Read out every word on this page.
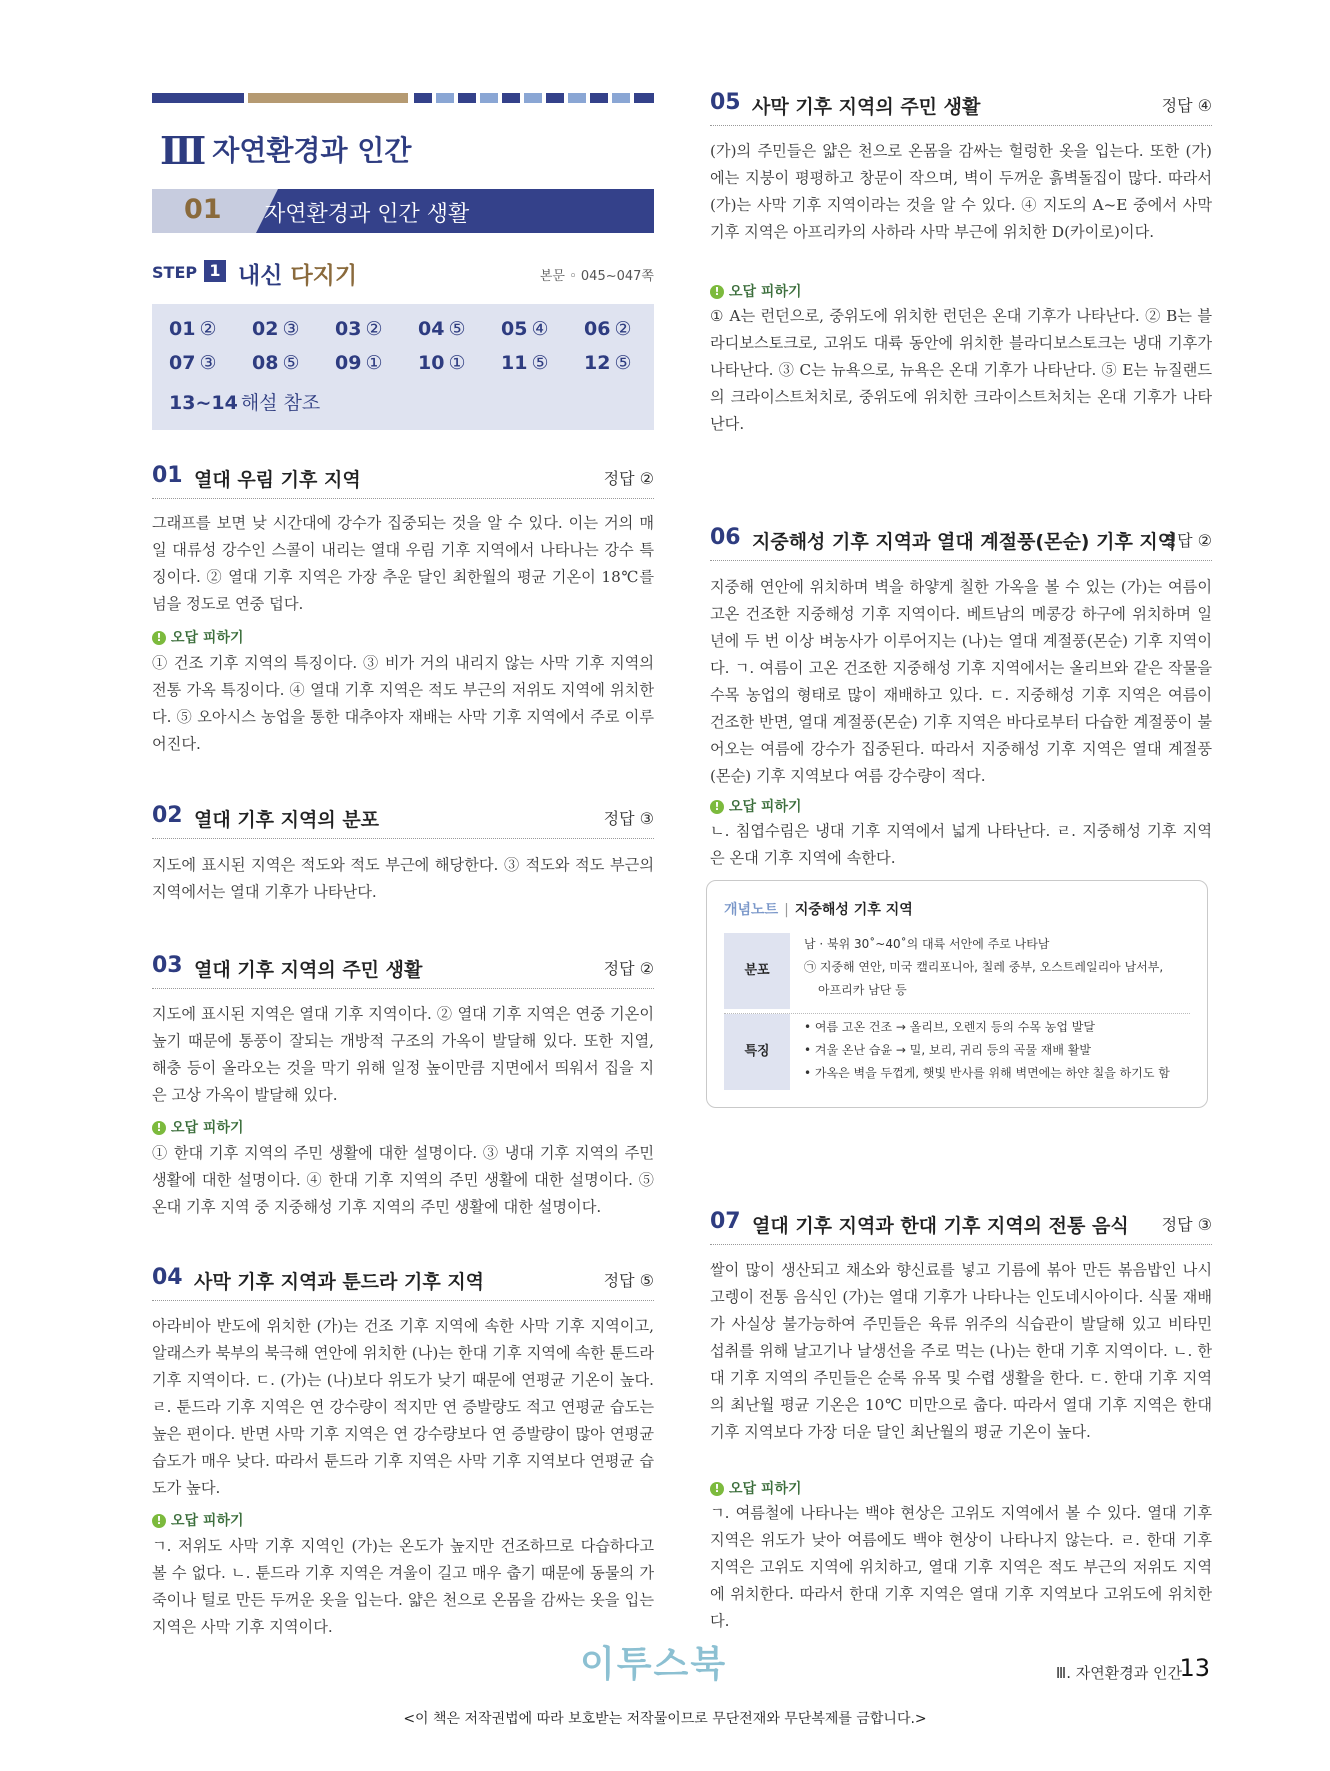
Ⅲ 자연환경과 인간
01 자연환경과 인간 생활
STEP 1 내신 다지기	본문 ◦ 045~047쪽
01 ② 02 ③ 03 ② 04 ⑤ 05 ④ 06 ②
07 ③ 08 ⑤ 09 ① 10 ① 11 ⑤ 12 ⑤
13~14 해설 참조
01 열대 우림 기후 지역	정답 ②
그래프를 보면 낮 시간대에 강수가 집중되는 것을 알 수 있다. 이는 거의 매일 대류성 강수인 스콜이 내리는 열대 우림 기후 지역에서 나타나는 강수 특징이다. ② 열대 기후 지역은 가장 추운 달인 최한월의 평균 기온이 18℃를 넘을 정도로 연중 덥다.
! 오답 피하기
① 건조 기후 지역의 특징이다. ③ 비가 거의 내리지 않는 사막 기후 지역의 전통 가옥 특징이다. ④ 열대 기후 지역은 적도 부근의 저위도 지역에 위치한다. ⑤ 오아시스 농업을 통한 대추야자 재배는 사막 기후 지역에서 주로 이루어진다.
02 열대 기후 지역의 분포	정답 ③
지도에 표시된 지역은 적도와 적도 부근에 해당한다. ③ 적도와 적도 부근의 지역에서는 열대 기후가 나타난다.
03 열대 기후 지역의 주민 생활	정답 ②
지도에 표시된 지역은 열대 기후 지역이다. ② 열대 기후 지역은 연중 기온이 높기 때문에 통풍이 잘되는 개방적 구조의 가옥이 발달해 있다. 또한 지열, 해충 등이 올라오는 것을 막기 위해 일정 높이만큼 지면에서 띄워서 집을 지은 고상 가옥이 발달해 있다.
! 오답 피하기
① 한대 기후 지역의 주민 생활에 대한 설명이다. ③ 냉대 기후 지역의 주민 생활에 대한 설명이다. ④ 한대 기후 지역의 주민 생활에 대한 설명이다. ⑤ 온대 기후 지역 중 지중해성 기후 지역의 주민 생활에 대한 설명이다.
04 사막 기후 지역과 툰드라 기후 지역	정답 ⑤
아라비아 반도에 위치한 (가)는 건조 기후 지역에 속한 사막 기후 지역이고, 알래스카 북부의 북극해 연안에 위치한 (나)는 한대 기후 지역에 속한 툰드라 기후 지역이다. ㄷ. (가)는 (나)보다 위도가 낮기 때문에 연평균 기온이 높다. ㄹ. 툰드라 기후 지역은 연 강수량이 적지만 연 증발량도 적고 연평균 습도는 높은 편이다. 반면 사막 기후 지역은 연 강수량보다 연 증발량이 많아 연평균 습도가 매우 낮다. 따라서 툰드라 기후 지역은 사막 기후 지역보다 연평균 습도가 높다.
! 오답 피하기
ㄱ. 저위도 사막 기후 지역인 (가)는 온도가 높지만 건조하므로 다습하다고 볼 수 없다. ㄴ. 툰드라 기후 지역은 겨울이 길고 매우 춥기 때문에 동물의 가죽이나 털로 만든 두꺼운 옷을 입는다. 얇은 천으로 온몸을 감싸는 옷을 입는 지역은 사막 기후 지역이다.
05 사막 기후 지역의 주민 생활	정답 ④
(가)의 주민들은 얇은 천으로 온몸을 감싸는 헐렁한 옷을 입는다. 또한 (가)에는 지붕이 평평하고 창문이 작으며, 벽이 두꺼운 흙벽돌집이 많다. 따라서 (가)는 사막 기후 지역이라는 것을 알 수 있다. ④ 지도의 A~E 중에서 사막 기후 지역은 아프리카의 사하라 사막 부근에 위치한 D(카이로)이다.
! 오답 피하기
① A는 런던으로, 중위도에 위치한 런던은 온대 기후가 나타난다. ② B는 블라디보스토크로, 고위도 대륙 동안에 위치한 블라디보스토크는 냉대 기후가 나타난다. ③ C는 뉴욕으로, 뉴욕은 온대 기후가 나타난다. ⑤ E는 뉴질랜드의 크라이스트처치로, 중위도에 위치한 크라이스트처치는 온대 기후가 나타난다.
06 지중해성 기후 지역과 열대 계절풍(몬순) 기후 지역
정답 ②
지중해 연안에 위치하며 벽을 하얗게 칠한 가옥을 볼 수 있는 (가)는 여름이 고온 건조한 지중해성 기후 지역이다. 베트남의 메콩강 하구에 위치하며 일 년에 두 번 이상 벼농사가 이루어지는 (나)는 열대 계절풍(몬순) 기후 지역이다. ㄱ. 여름이 고온 건조한 지중해성 기후 지역에서는 올리브와 같은 작물을 수목 농업의 형태로 많이 재배하고 있다. ㄷ. 지중해성 기후 지역은 여름이 건조한 반면, 열대 계절풍(몬순) 기후 지역은 바다로부터 다습한 계절풍이 불어오는 여름에 강수가 집중된다. 따라서 지중해성 기후 지역은 열대 계절풍(몬순) 기후 지역보다 여름 강수량이 적다.
! 오답 피하기
ㄴ. 침엽수림은 냉대 기후 지역에서 넓게 나타난다. ㄹ. 지중해성 기후 지역은 온대 기후 지역에 속한다.
개념노트 | 지중해성 기후 지역
분포
남 · 북위 30˚~40˚의 대륙 서안에 주로 나타남
㉠ 지중해 연안, 미국 캘리포니아, 칠레 중부, 오스트레일리아 남서부,
아프리카 남단 등
특징
• 여름 고온 건조 → 올리브, 오렌지 등의 수목 농업 발달
• 겨울 온난 습윤 → 밀, 보리, 귀리 등의 곡물 재배 활발
• 가옥은 벽을 두껍게, 햇빛 반사를 위해 벽면에는 하얀 칠을 하기도 함
07 열대 기후 지역과 한대 기후 지역의 전통 음식 정답 ③
쌀이 많이 생산되고 채소와 향신료를 넣고 기름에 볶아 만든 볶음밥인 나시고렝이 전통 음식인 (가)는 열대 기후가 나타나는 인도네시아이다. 식물 재배가 사실상 불가능하여 주민들은 육류 위주의 식습관이 발달해 있고 비타민 섭취를 위해 날고기나 날생선을 주로 먹는 (나)는 한대 기후 지역이다. ㄴ. 한대 기후 지역의 주민들은 순록 유목 및 수렵 생활을 한다. ㄷ. 한대 기후 지역의 최난월 평균 기온은 10℃ 미만으로 춥다. 따라서 열대 기후 지역은 한대 기후 지역보다 가장 더운 달인 최난월의 평균 기온이 높다.
! 오답 피하기
ㄱ. 여름철에 나타나는 백야 현상은 고위도 지역에서 볼 수 있다. 열대 기후 지역은 위도가 낮아 여름에도 백야 현상이 나타나지 않는다. ㄹ. 한대 기후 지역은 고위도 지역에 위치하고, 열대 기후 지역은 적도 부근의 저위도 지역에 위치한다. 따라서 한대 기후 지역은 열대 기후 지역보다 고위도에 위치한다.
이투스북	Ⅲ. 자연환경과 인간
13
<이 책은 저작권법에 따라 보호받는 저작물이므로 무단전재와 무단복제를 금합니다.>
